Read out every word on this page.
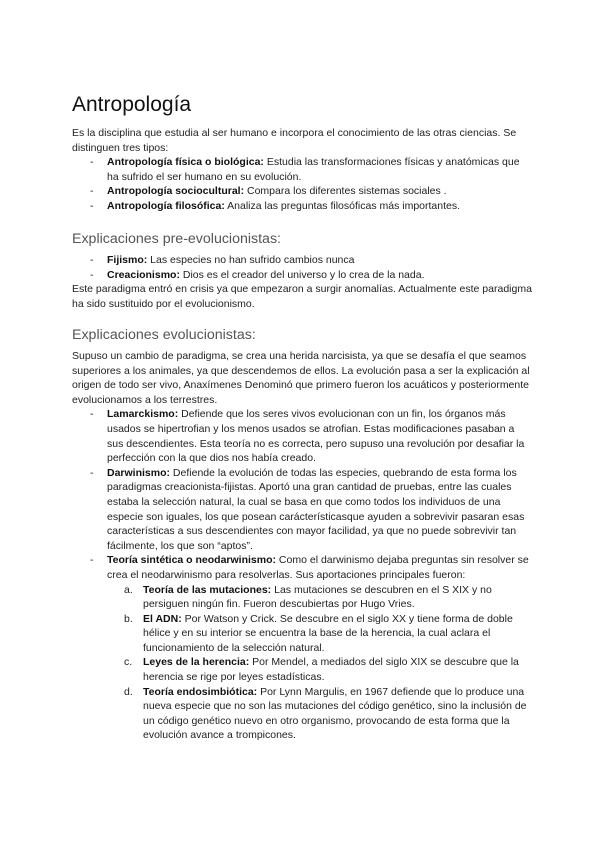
Antropología

Es la disciplina que estudia al ser humano e incorpora el conocimiento de las otras ciencias. Se distinguen tres tipos:

- Antropología física o biológica: Estudia las transformaciones físicas y anatómicas que ha sufrido el ser humano en su evolución.
- Antropología sociocultural: Compara los diferentes sistemas sociales .
- Antropología filosófica: Analiza las preguntas filosóficas más importantes.
Explicaciones pre-evolucionistas:
- Fijismo: Las especies no han sufrido cambios nunca
- Creacionismo: Dios es el creador del universo y lo crea de la nada.

Este paradigma entró en crisis ya que empezaron a surgir anomalías. Actualmente este paradigma ha sido sustituido por el evolucionismo.

Explicaciones evolucionistas:

Supuso un cambio de paradigma, se crea una herida narcisista, ya que se desafía el que seamos superiores a los animales, ya que descendemos de ellos. La evolución pasa a ser la explicación al origen de todo ser vivo, Anaxímenes Denominó que primero fueron los acuáticos y posteriormente evolucionamos a los terrestres.

- Lamarckismo: Defiende que los seres vivos evolucionan con un fin, los órganos más usados se hipertrofian y los menos usados se atrofian. Estas modificaciones pasaban a sus descendientes. Esta teoría no es correcta, pero supuso una revolución por desafiar la perfección con la que dios nos había creado.
- Darwinismo: Defiende la evolución de todas las especies, quebrando de esta forma los paradigmas creacionista-fijistas. Aportó una gran cantidad de pruebas, entre las cuales estaba la selección natural, la cual se basa en que como todos los individuos de una especie son iguales, los que posean carácterísticasque ayuden a sobrevivir pasaran esas características a sus descendientes con mayor facilidad, ya que no puede sobrevivir tan fácilmente, los que son “aptos”.
- Teoría sintética o neodarwinismo: Como el darwinismo dejaba preguntas sin resolver se crea el neodarwinismo para resolverlas. Sus aportaciones principales fueron:
a. Teoría de las mutaciones: Las mutaciones se descubren en el S XIX y no persiguen ningún fin. Fueron descubiertas por Hugo Vries.
b. El ADN: Por Watson y Crick. Se descubre en el siglo XX y tiene forma de doble hélice y en su interior se encuentra la base de la herencia, la cual aclara el funcionamiento de la selección natural.
c. Leyes de la herencia: Por Mendel, a mediados del siglo XIX se descubre que la herencia se rige por leyes estadísticas.
d. Teoría endosimbiótica: Por Lynn Margulis, en 1967 defiende que lo produce una nueva especie que no son las mutaciones del código genético, sino la inclusión de un código genético nuevo en otro organismo, provocando de esta forma que la evolución avance a trompicones.
